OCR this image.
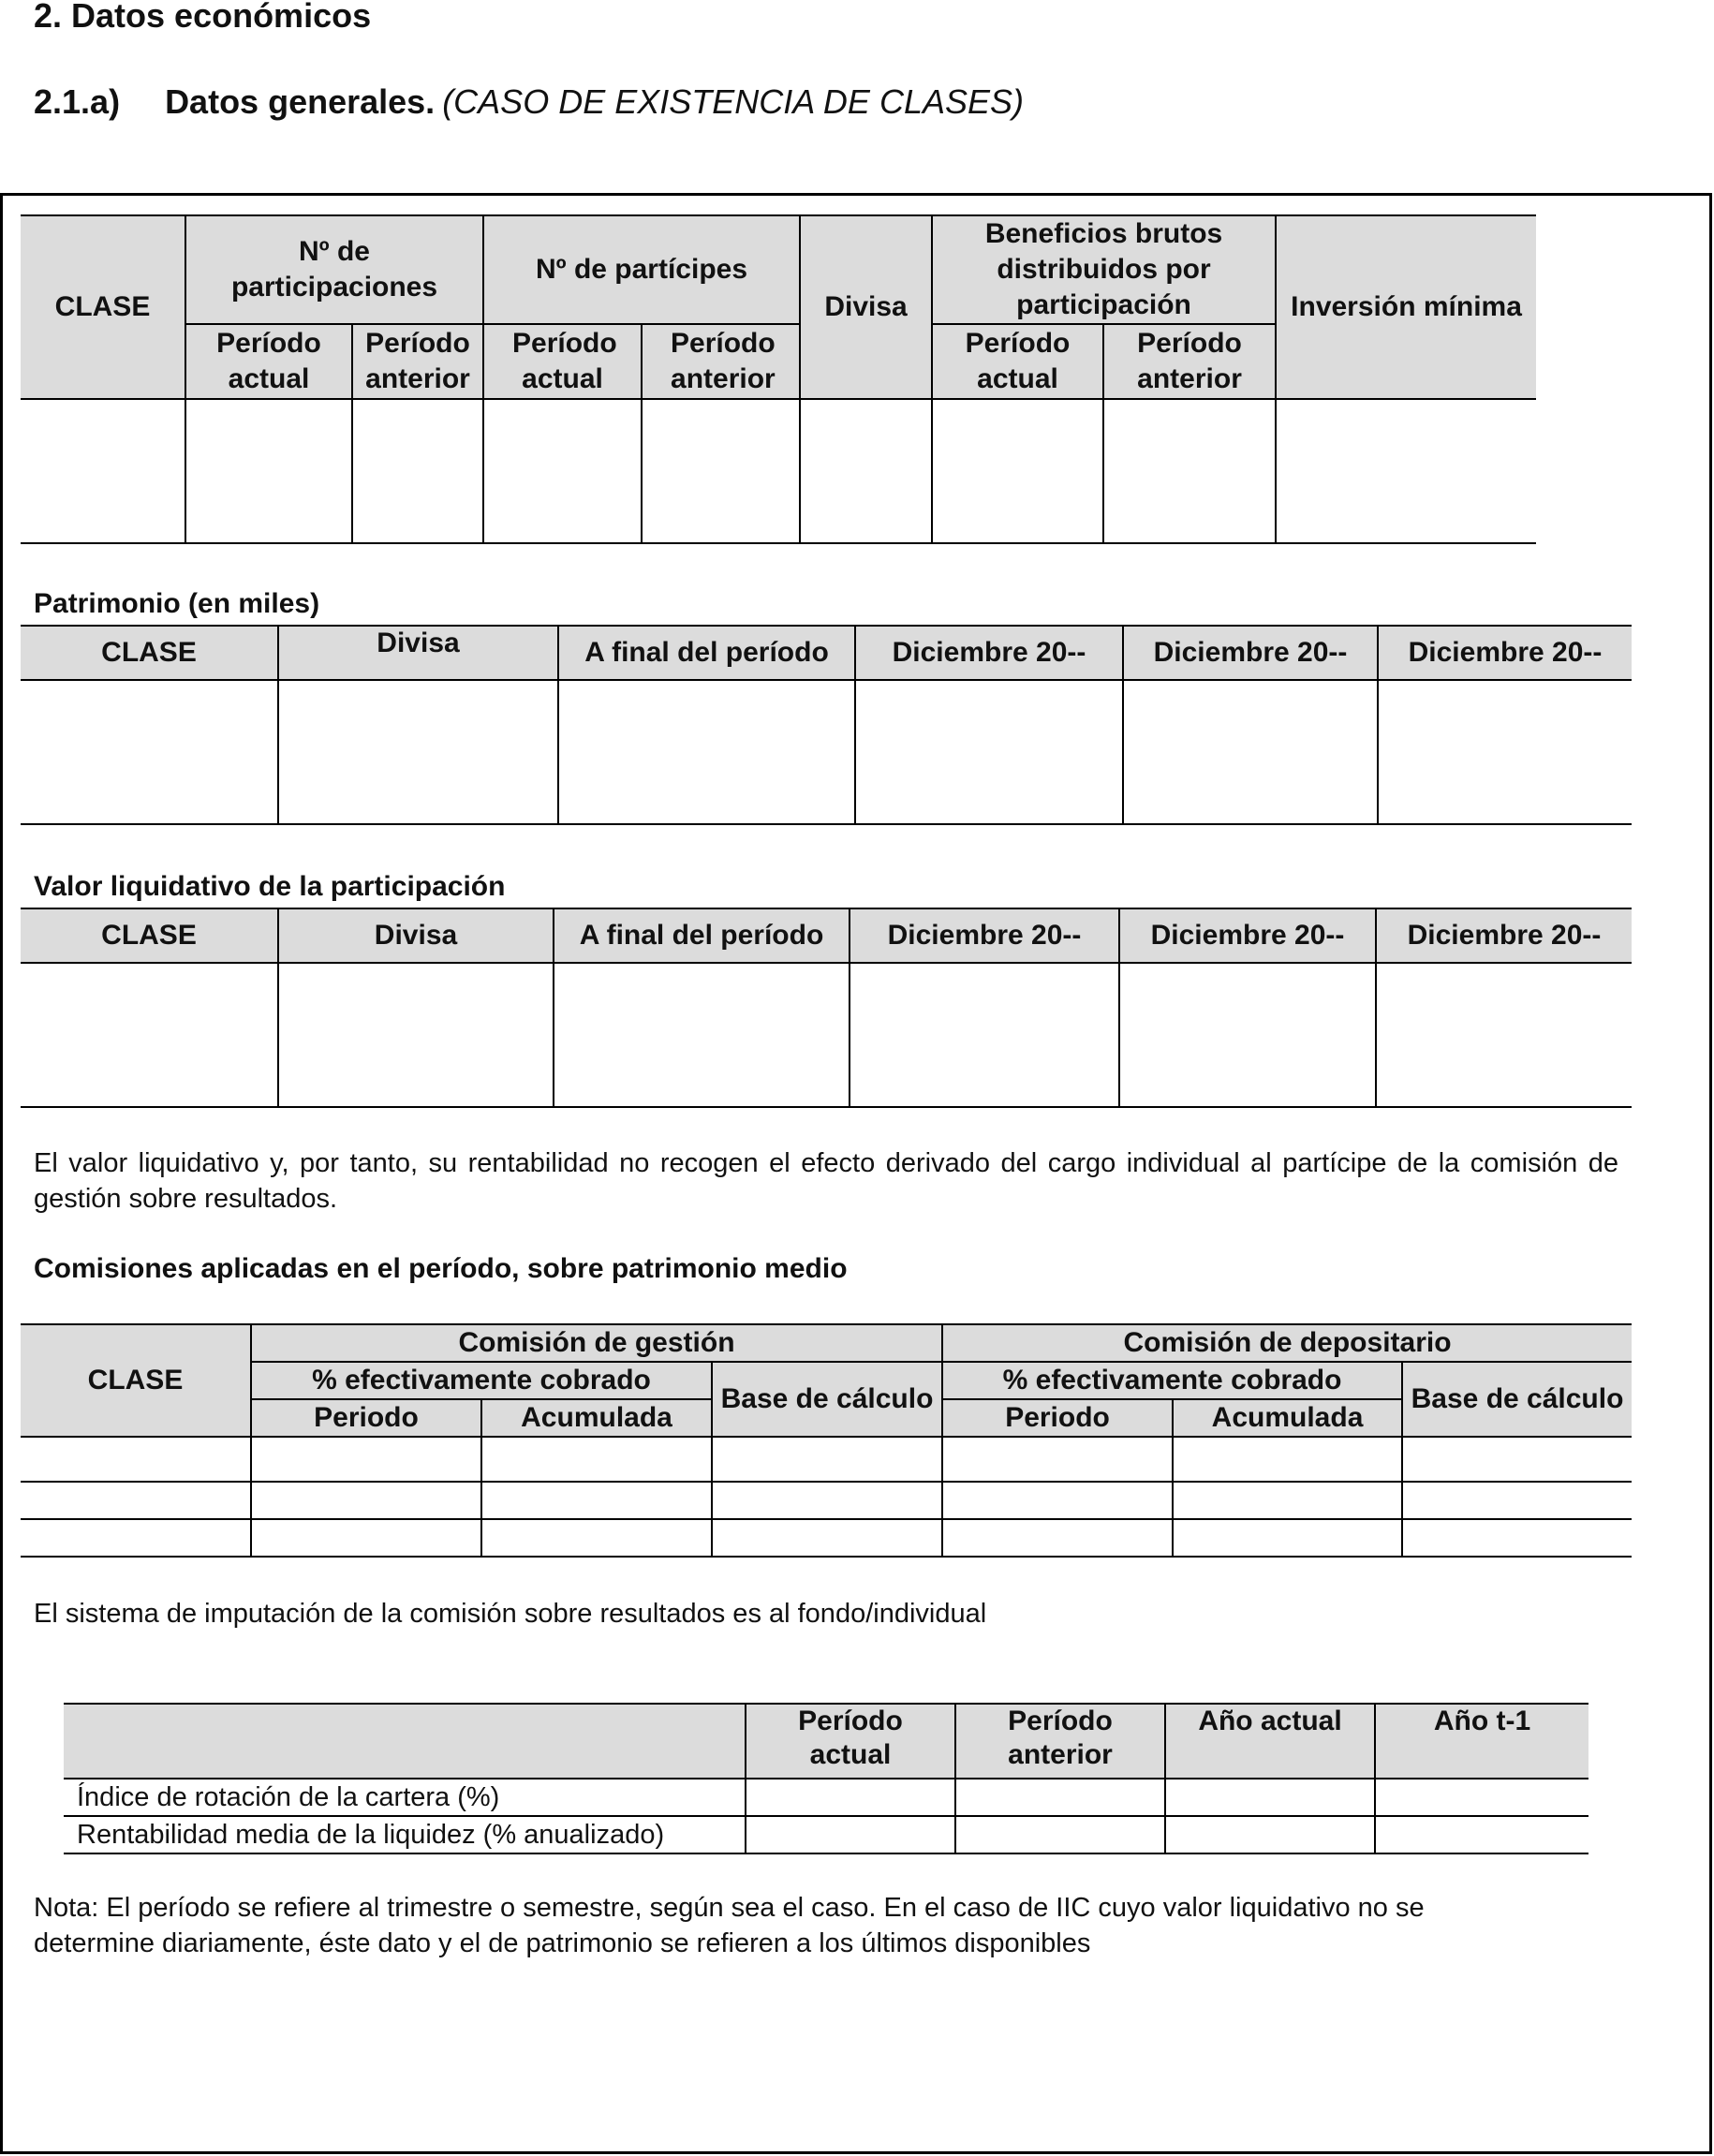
2. Datos económicos
2.1.a) Datos generales. (CASO DE EXISTENCIA DE CLASES)
CLASE	Nº de participaciones		Nº de partícipes		Divisa	Beneficios brutos distribuidos por participación		Inversión mínima
	Período actual	Período anterior	Período actual	Período anterior		Período actual	Período anterior	

Patrimonio (en miles)
CLASE	Divisa	A final del período	Diciembre 20--	Diciembre 20--	Diciembre 20--

Valor liquidativo de la participación
CLASE	Divisa	A final del período	Diciembre 20--	Diciembre 20--	Diciembre 20--

El valor liquidativo y, por tanto, su rentabilidad no recogen el efecto derivado del cargo individual al partícipe de la comisión de gestión sobre resultados.
Comisiones aplicadas en el período, sobre patrimonio medio
CLASE	Comisión de gestión			Comisión de depositario		
	% efectivamente cobrado		Base de cálculo	% efectivamente cobrado		Base de cálculo
	Periodo	Acumulada		Periodo	Acumulada	

El sistema de imputación de la comisión sobre resultados es al fondo/individual
	Período actual	Período anterior	Año actual	Año t-1
Índice de rotación de la cartera (%)				
Rentabilidad media de la liquidez (% anualizado)				
Nota: El período se refiere al trimestre o semestre, según sea el caso. En el caso de IIC cuyo valor liquidativo no se determine diariamente, éste dato y el de patrimonio se refieren a los últimos disponibles
